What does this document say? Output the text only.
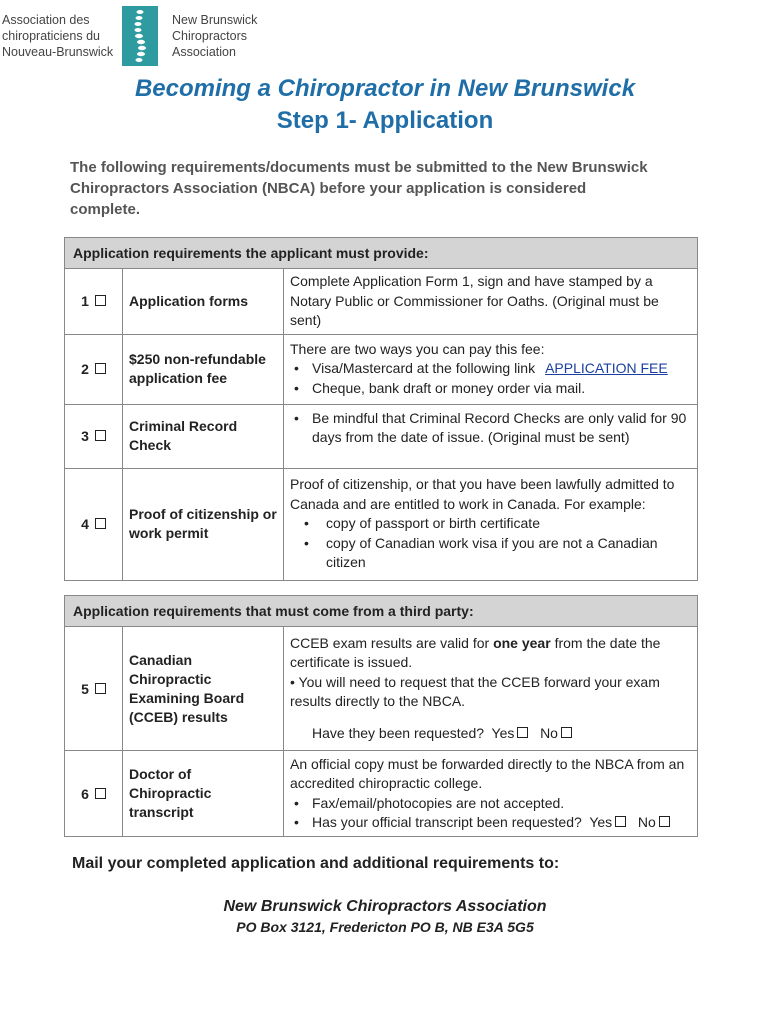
Association des
chiropraticiens du
Nouveau-Brunswick
New Brunswick
Chiropractors
Association
Becoming a Chiropractor in New Brunswick
Step 1- Application
The following requirements/documents must be submitted to the New Brunswick Chiropractors Association (NBCA) before your application is considered complete.
Application requirements the applicant must provide:		
1	Application forms	Complete Application Form 1, sign and have stamped by a Notary Public or Commissioner for Oaths. (Original must be sent)
2	$250 non-refundable application fee	There are two ways you can pay this fee:
• Visa/Mastercard at the following link APPLICATION FEE
• Cheque, bank draft or money order via mail.

3	Criminal Record Check	• Be mindful that Criminal Record Checks are only valid for 90 days from the date of issue. (Original must be sent)

4	Proof of citizenship or work permit	Proof of citizenship, or that you have been lawfully admitted to Canada and are entitled to work in Canada. For example:
• copy of passport or birth certificate
• copy of Canadian work visa if you are not a Canadian citizen
Application requirements that must come from a third party:		
5	Canadian Chiropractic Examining Board (CCEB) results	CCEB exam results are valid for one year from the date the certificate is issued.
• You will need to request that the CCEB forward your exam results directly to the NBCA.
Have they been requested? Yes No

6	Doctor of Chiropractic transcript	An official copy must be forwarded directly to the NBCA from an accredited chiropractic college.
• Fax/email/photocopies are not accepted.
• Has your official transcript been requested? Yes No
Mail your completed application and additional requirements to:
New Brunswick Chiropractors Association
PO Box 3121, Fredericton PO B, NB E3A 5G5
